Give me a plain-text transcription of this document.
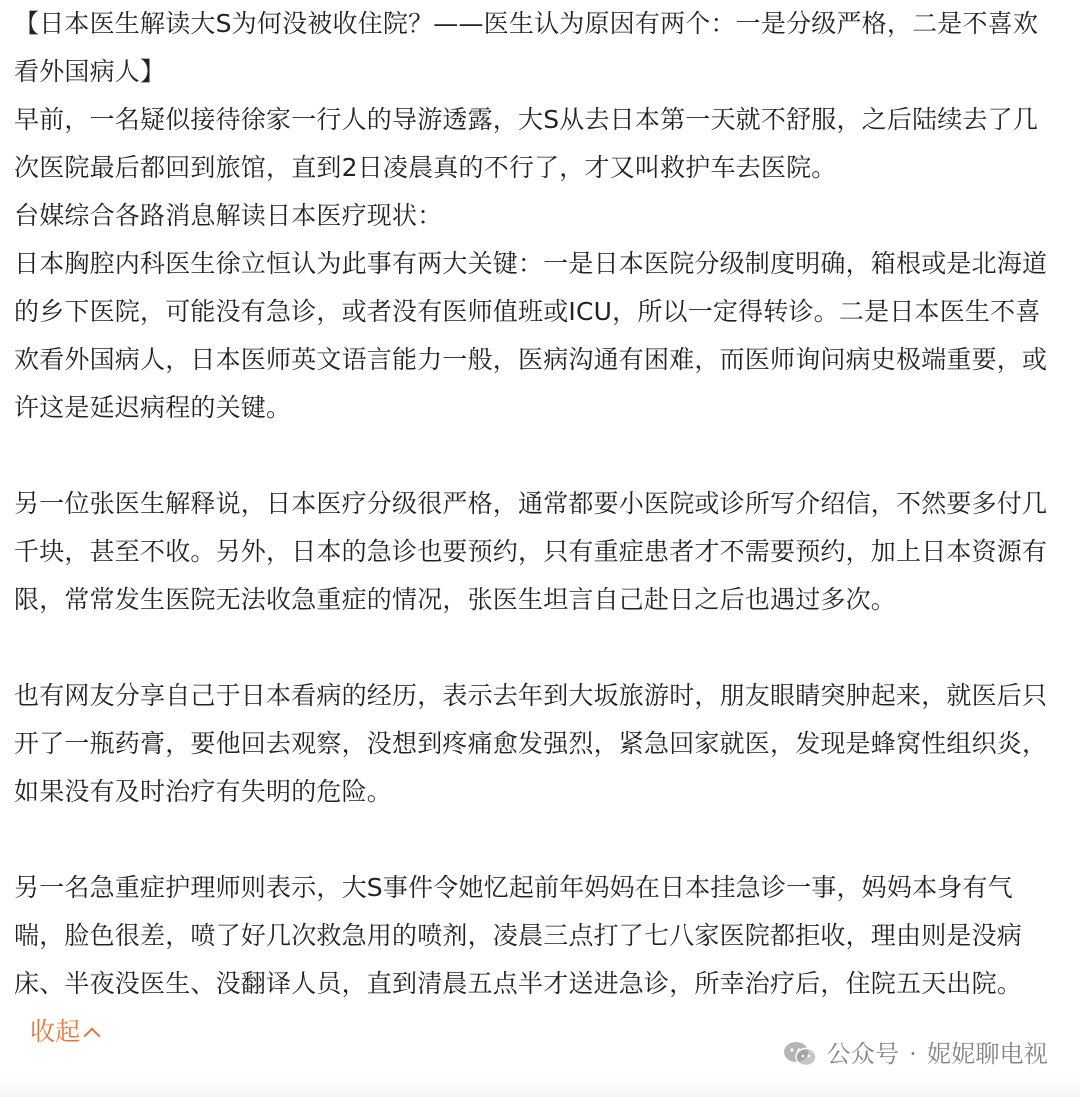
【日本医生解读大S为何没被收住院？——医生认为原因有两个：一是分级严格，二是不喜欢看外国病人】

早前，一名疑似接待徐家一行人的导游透露，大S从去日本第一天就不舒服，之后陆续去了几次医院最后都回到旅馆，直到2日凌晨真的不行了，才又叫救护车去医院。

台媒综合各路消息解读日本医疗现状：

日本胸腔内科医生徐立恒认为此事有两大关键：一是日本医院分级制度明确，箱根或是北海道的乡下医院，可能没有急诊，或者没有医师值班或ICU，所以一定得转诊。二是日本医生不喜欢看外国病人，日本医师英文语言能力一般，医病沟通有困难，而医师询问病史极端重要，或许这是延迟病程的关键。

另一位张医生解释说，日本医疗分级很严格，通常都要小医院或诊所写介绍信，不然要多付几千块，甚至不收。另外，日本的急诊也要预约，只有重症患者才不需要预约，加上日本资源有限，常常发生医院无法收急重症的情况，张医生坦言自己赴日之后也遇过多次。

也有网友分享自己于日本看病的经历，表示去年到大坂旅游时，朋友眼睛突肿起来，就医后只开了一瓶药膏，要他回去观察，没想到疼痛愈发强烈，紧急回家就医，发现是蜂窝性组织炎，如果没有及时治疗有失明的危险。

另一名急重症护理师则表示，大S事件令她忆起前年妈妈在日本挂急诊一事，妈妈本身有气喘，脸色很差，喷了好几次救急用的喷剂，凌晨三点打了七八家医院都拒收，理由则是没病床、半夜没医生、没翻译人员，直到清晨五点半才送进急诊，所幸治疗后，住院五天出院。收起

公众号 · 妮妮聊电视
